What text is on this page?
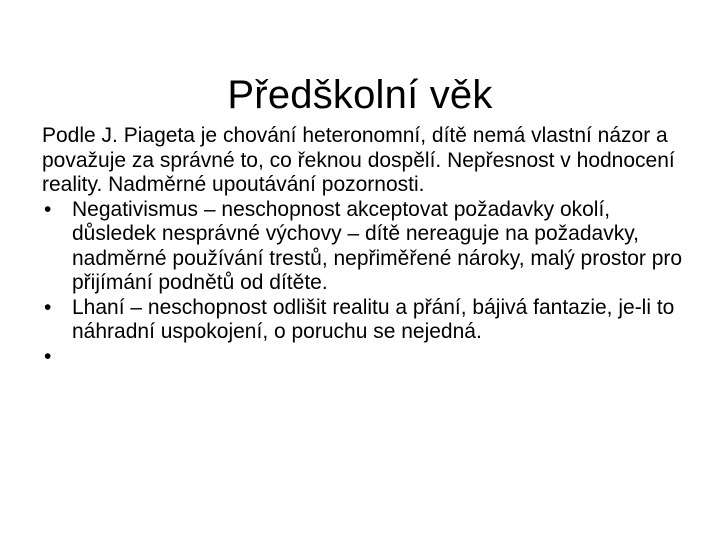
Předškolní věk

Podle J. Piageta je chování heteronomní, dítě nemá vlastní názor a považuje za správné to, co řeknou dospělí. Nepřesnost v hodnocení reality. Nadměrné upoutávání pozornosti.

• Negativismus – neschopnost akceptovat požadavky okolí, důsledek nesprávné výchovy – dítě nereaguje na požadavky, nadměrné používání trestů, nepřiměřené nároky, malý prostor pro přijímání podnětů od dítěte.
• Lhaní – neschopnost odlišit realitu a přání, bájivá fantazie, je-li to náhradní uspokojení, o poruchu se nejedná.
•
